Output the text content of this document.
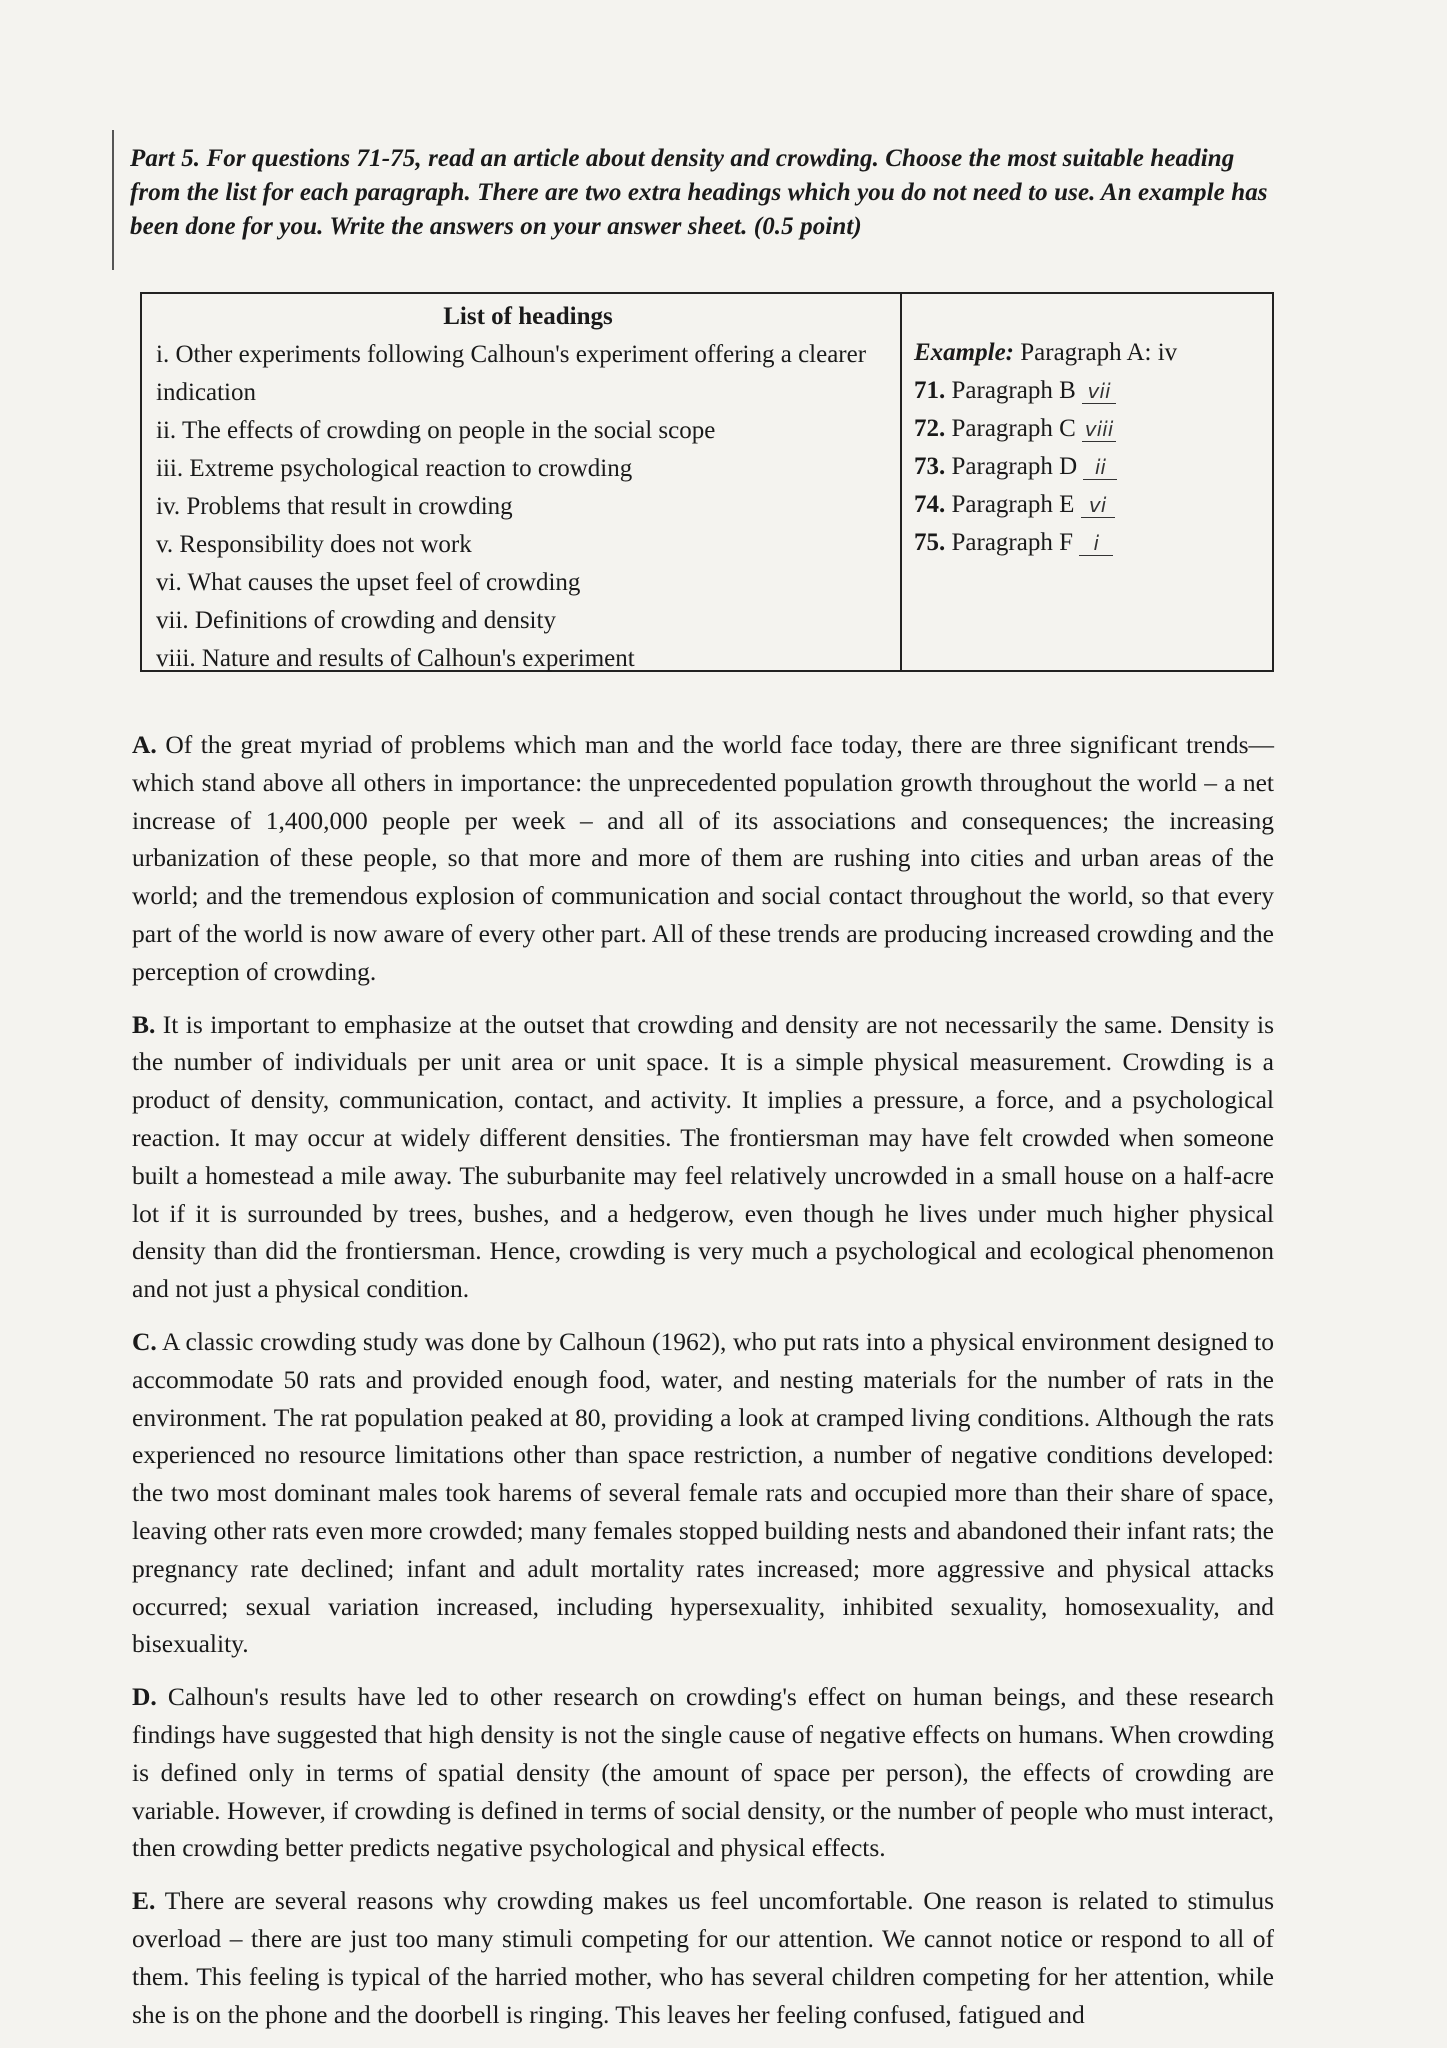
Part 5. For questions 71-75, read an article about density and crowding. Choose the most suitable heading from the list for each paragraph. There are two extra headings which you do not need to use. An example has been done for you. Write the answers on your answer sheet. (0.5 point)
List of headings
i. Other experiments following Calhoun's experiment offering a clearer indication
ii. The effects of crowding on people in the social scope
iii. Extreme psychological reaction to crowding
iv. Problems that result in crowding
v. Responsibility does not work
vi. What causes the upset feel of crowding
vii. Definitions of crowding and density
viii. Nature and results of Calhoun's experiment
Example: Paragraph A: iv
71. Paragraph B vii
72. Paragraph C viii
73. Paragraph D ii
74. Paragraph E vi
75. Paragraph F i

A. Of the great myriad of problems which man and the world face today, there are three significant trends— which stand above all others in importance: the unprecedented population growth throughout the world – a net increase of 1,400,000 people per week – and all of its associations and consequences; the increasing urbanization of these people, so that more and more of them are rushing into cities and urban areas of the world; and the tremendous explosion of communication and social contact throughout the world, so that every part of the world is now aware of every other part. All of these trends are producing increased crowding and the perception of crowding.

B. It is important to emphasize at the outset that crowding and density are not necessarily the same. Density is the number of individuals per unit area or unit space. It is a simple physical measurement. Crowding is a product of density, communication, contact, and activity. It implies a pressure, a force, and a psychological reaction. It may occur at widely different densities. The frontiersman may have felt crowded when someone built a homestead a mile away. The suburbanite may feel relatively uncrowded in a small house on a half-acre lot if it is surrounded by trees, bushes, and a hedgerow, even though he lives under much higher physical density than did the frontiersman. Hence, crowding is very much a psychological and ecological phenomenon and not just a physical condition.

C. A classic crowding study was done by Calhoun (1962), who put rats into a physical environment designed to accommodate 50 rats and provided enough food, water, and nesting materials for the number of rats in the environment. The rat population peaked at 80, providing a look at cramped living conditions. Although the rats experienced no resource limitations other than space restriction, a number of negative conditions developed: the two most dominant males took harems of several female rats and occupied more than their share of space, leaving other rats even more crowded; many females stopped building nests and abandoned their infant rats; the pregnancy rate declined; infant and adult mortality rates increased; more aggressive and physical attacks occurred; sexual variation increased, including hypersexuality, inhibited sexuality, homosexuality, and bisexuality.

D. Calhoun's results have led to other research on crowding's effect on human beings, and these research findings have suggested that high density is not the single cause of negative effects on humans. When crowding is defined only in terms of spatial density (the amount of space per person), the effects of crowding are variable. However, if crowding is defined in terms of social density, or the number of people who must interact, then crowding better predicts negative psychological and physical effects.

E. There are several reasons why crowding makes us feel uncomfortable. One reason is related to stimulus overload – there are just too many stimuli competing for our attention. We cannot notice or respond to all of them. This feeling is typical of the harried mother, who has several children competing for her attention, while she is on the phone and the doorbell is ringing. This leaves her feeling confused, fatigued and
